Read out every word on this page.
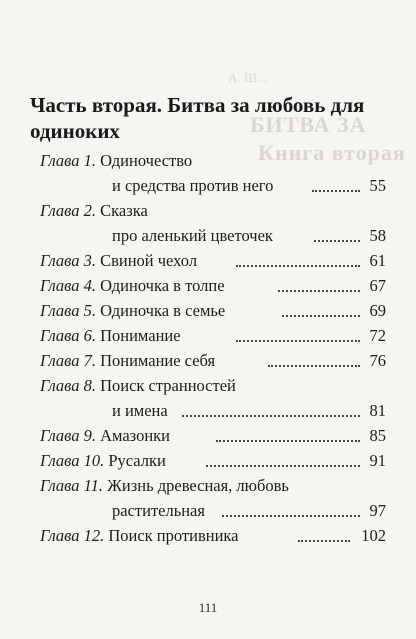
А. Ш...
БИТВА ЗА
Книга вторая
Часть вторая. Битва за любовь для одиноких
Глава 1. Одиночество
и средства против него	55
Глава 2. Сказка
про аленький цветочек	58
Глава 3. Свиной чехол	61
Глава 4. Одиночка в толпе	67
Глава 5. Одиночка в семье	69
Глава 6. Понимание	72
Глава 7. Понимание себя	76
Глава 8. Поиск странностей
и имена	81
Глава 9. Амазонки	85
Глава 10. Русалки	91
Глава 11. Жизнь древесная, любовь
растительная	97
Глава 12. Поиск противника	102
111
